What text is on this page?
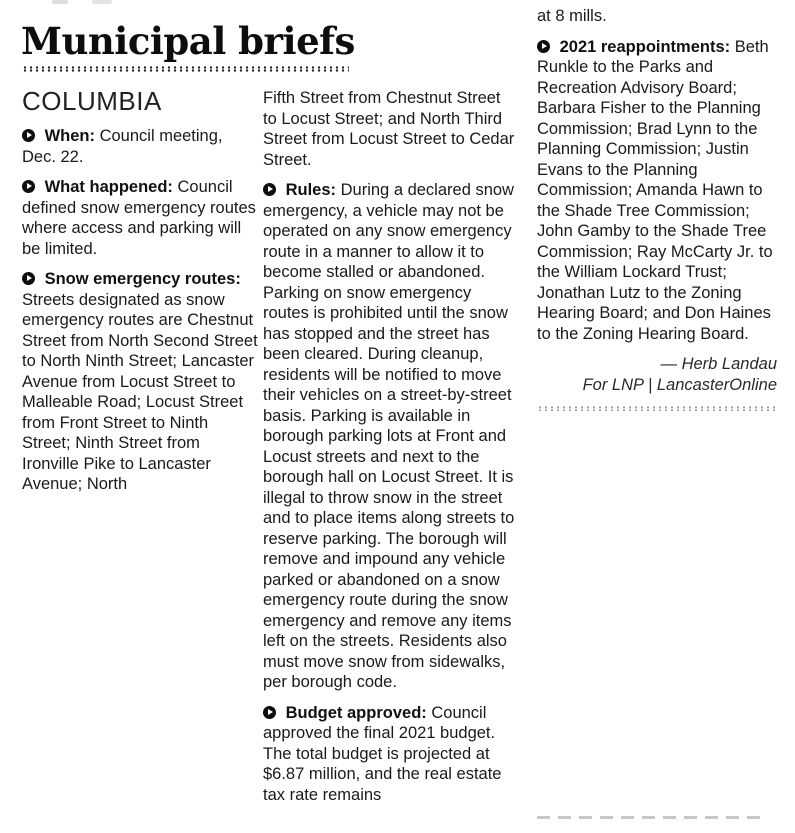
Municipal briefs
COLUMBIA

When: Council meeting, Dec. 22.

What happened: Council defined snow emergency routes where access and parking will be limited.

Snow emergency routes: Streets designated as snow emergency routes are Chestnut Street from North Second Street to North Ninth Street; Lancaster Avenue from Locust Street to Malleable Road; Locust Street from Front Street to Ninth Street; Ninth Street from Ironville Pike to Lancaster Avenue; North

Fifth Street from Chestnut Street to Locust Street; and North Third Street from Locust Street to Cedar Street.

Rules: During a declared snow emergency, a vehicle may not be operated on any snow emergency route in a manner to allow it to become stalled or abandoned. Parking on snow emergency routes is prohibited until the snow has stopped and the street has been cleared. During cleanup, residents will be notified to move their vehicles on a street-by-street basis. Parking is available in borough parking lots at Front and Locust streets and next to the borough hall on Locust Street. It is illegal to throw snow in the street and to place items along streets to reserve parking. The borough will remove and impound any vehicle parked or abandoned on a snow emergency route during the snow emergency and remove any items left on the streets. Residents also must move snow from sidewalks, per borough code.

Budget approved: Council approved the final 2021 budget. The total budget is projected at $6.87 million, and the real estate tax rate remains

at 8 mills.

2021 reappointments: Beth Runkle to the Parks and Recreation Advisory Board; Barbara Fisher to the Planning Commission; Brad Lynn to the Planning Commission; Justin Evans to the Planning Commission; Amanda Hawn to the Shade Tree Commission; John Gamby to the Shade Tree Commission; Ray McCarty Jr. to the William Lockard Trust; Jonathan Lutz to the Zoning Hearing Board; and Don Haines to the Zoning Hearing Board.

— Herb Landau
For LNP | LancasterOnline
